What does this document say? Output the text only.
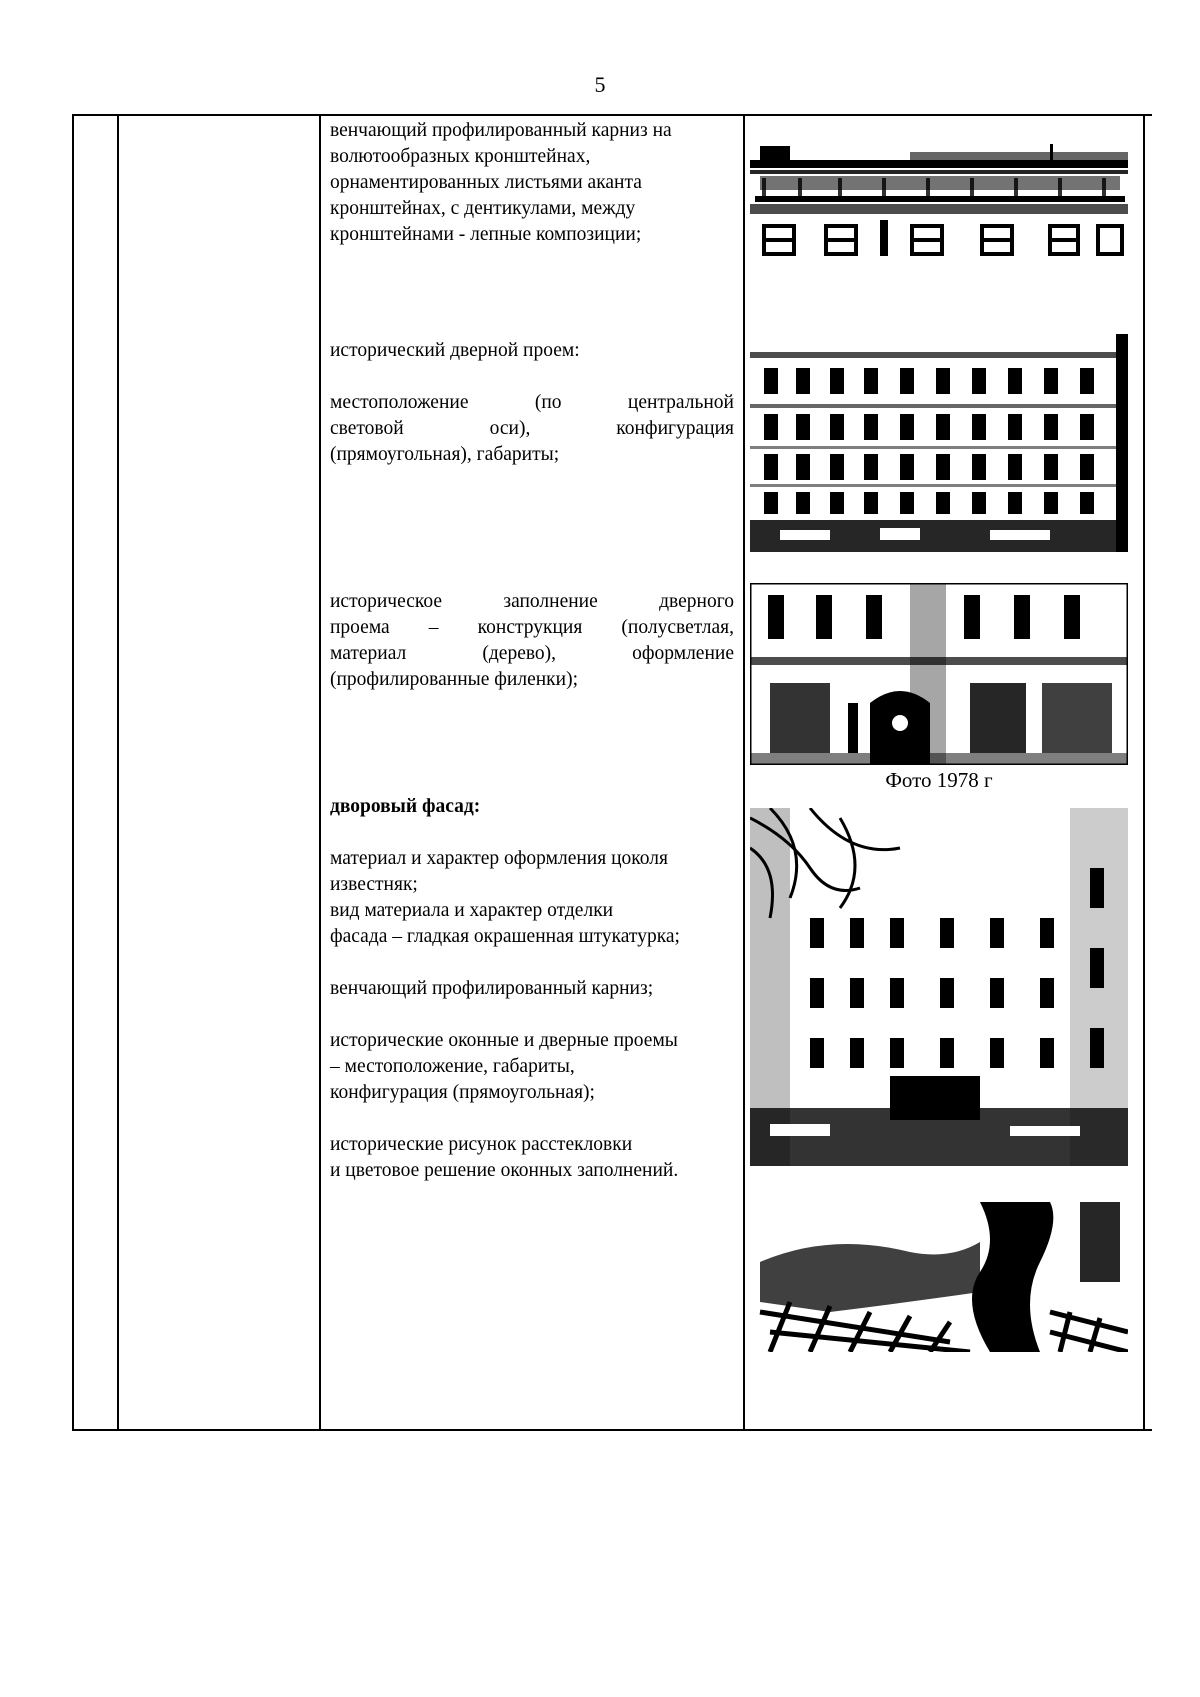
5

венчающий профилированный карниз на

волютообразных кронштейнах,

орнаментированных листьями аканта

кронштейнах, с дентикулами, между

кронштейнами - лепные композиции;

исторический дверной проем:

местоположение (по центральной

световой оси), конфигурация

(прямоугольная), габариты;

историческое заполнение дверного

проема – конструкция (полусветлая,

материал (дерево), оформление

(профилированные филенки);

дворовый фасад:

материал и характер оформления цоколя

известняк;

вид материала и характер отделки

фасада – гладкая окрашенная штукатурка;

венчающий профилированный карниз;

исторические оконные и дверные проемы

– местоположение, габариты,

конфигурация (прямоугольная);

исторические рисунок расстекловки

и цветовое решение оконных заполнений.

Фото 1978 г
